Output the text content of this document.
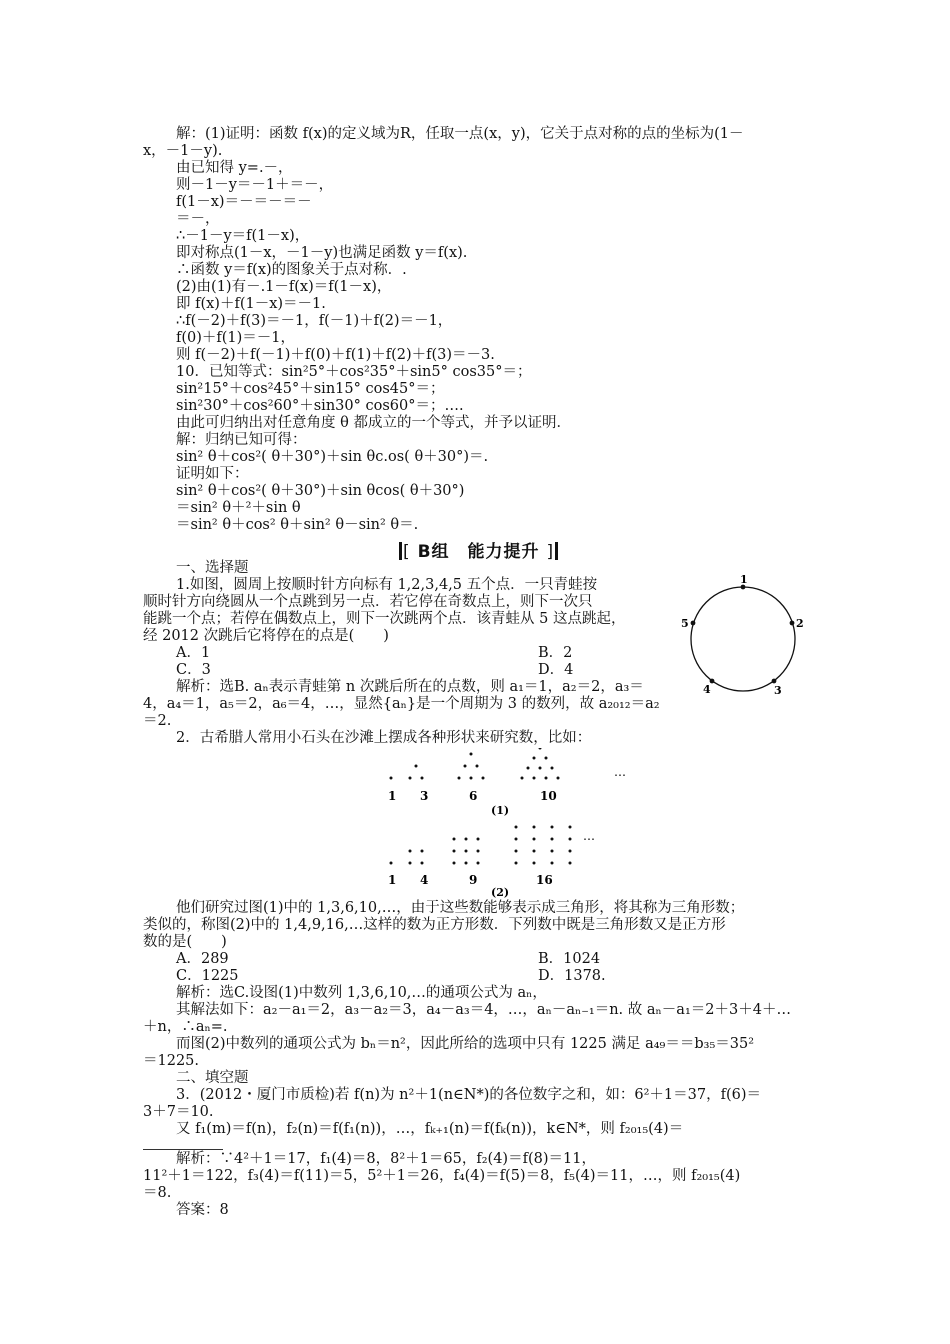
解：(1)证明：函数 f(x)的定义域为R，任取一点(x，y)，它关于点对称的点的坐标为(1－
x，－1－y).
由已知得 y=.－，
则－1－y＝－1＋＝－，
f(1－x)＝－＝－＝－
＝－，
∴－1－y＝f(1－x)，
即对称点(1－x，－1－y)也满足函数 y＝f(x).
∴函数 y＝f(x)的图象关于点对称．.
(2)由(1)有－.1－f(x)＝f(1－x)，
即 f(x)＋f(1－x)＝－1.
∴f(－2)＋f(3)＝－1，f(－1)＋f(2)＝－1，
f(0)＋f(1)＝－1，
则 f(－2)＋f(－1)＋f(0)＋f(1)＋f(2)＋f(3)＝－3.
10．已知等式：sin²5°＋cos²35°＋sin5° cos35°＝；
sin²15°＋cos²45°＋sin15° cos45°＝；
sin²30°＋cos²60°＋sin30° cos60°＝；….
由此可归纳出对任意角度 θ 都成立的一个等式，并予以证明．
解：归纳已知可得：
sin² θ＋cos²( θ＋30°)＋sin θc.os( θ＋30°)＝.
证明如下：
sin² θ＋cos²( θ＋30°)＋sin θcos( θ＋30°)
＝sin² θ＋²＋sin θ
＝sin² θ＋cos² θ＋sin² θ－sin² θ＝.
[ B组　能力提升 ]
一、选择题
1.如图，圆周上按顺时针方向标有 1,2,3,4,5 五个点．一只青蛙按
顺时针方向绕圆从一个点跳到另一点．若它停在奇数点上，则下一次只
能跳一个点；若停在偶数点上，则下一次跳两个点．该青蛙从 5 这点跳起，
经 2012 次跳后它将停在的点是(　　)
A．1	B．2
C．3	D．4
解析：选B. aₙ表示青蛙第 n 次跳后所在的点数，则 a₁＝1，a₂＝2，a₃＝
4，a₄＝1，a₅＝2，a₆＝4，…，显然{aₙ}是一个周期为 3 的数列，故 a₂₀₁₂＝a₂
＝2.
1
2
3
4
5
2．古希腊人常用小石头在沙滩上摆成各种形状来研究数，比如：
1 3	6	10
…
(1)
1 4	9	16
…
(2)
他们研究过图(1)中的 1,3,6,10,…，由于这些数能够表示成三角形，将其称为三角形数；
类似的，称图(2)中的 1,4,9,16,…这样的数为正方形数．下列数中既是三角形数又是正方形
数的是(　　)
A．289	B．1024
C．1225	D．1378.
解析：选C.设图(1)中数列 1,3,6,10,…的通项公式为 aₙ，
其解法如下：a₂－a₁＝2，a₃－a₂＝3，a₄－a₃＝4，…，aₙ－aₙ₋₁＝n. 故 aₙ－a₁＝2＋3＋4＋…
＋n，∴aₙ=.
而图(2)中数列的通项公式为 bₙ＝n²，因此所给的选项中只有 1225 满足 a₄₉＝＝b₃₅＝35²
＝1225.
二、填空题
3．(2012・厦门市质检)若 f(n)为 n²＋1(n∈N*)的各位数字之和，如：6²＋1＝37，f(6)＝
3＋7＝10.
又 f₁(m)＝f(n)，f₂(n)＝f(f₁(n))，…，fₖ₊₁(n)＝f(fₖ(n))，k∈N*，则 f₂₀₁₅(4)＝
解析：∵4²＋1＝17，f₁(4)＝8，8²＋1＝65，f₂(4)＝f(8)＝11，
11²＋1＝122，f₃(4)＝f(11)＝5，5²＋1＝26，f₄(4)＝f(5)＝8，f₅(4)＝11，…，则 f₂₀₁₅(4)
＝8.
答案：8
